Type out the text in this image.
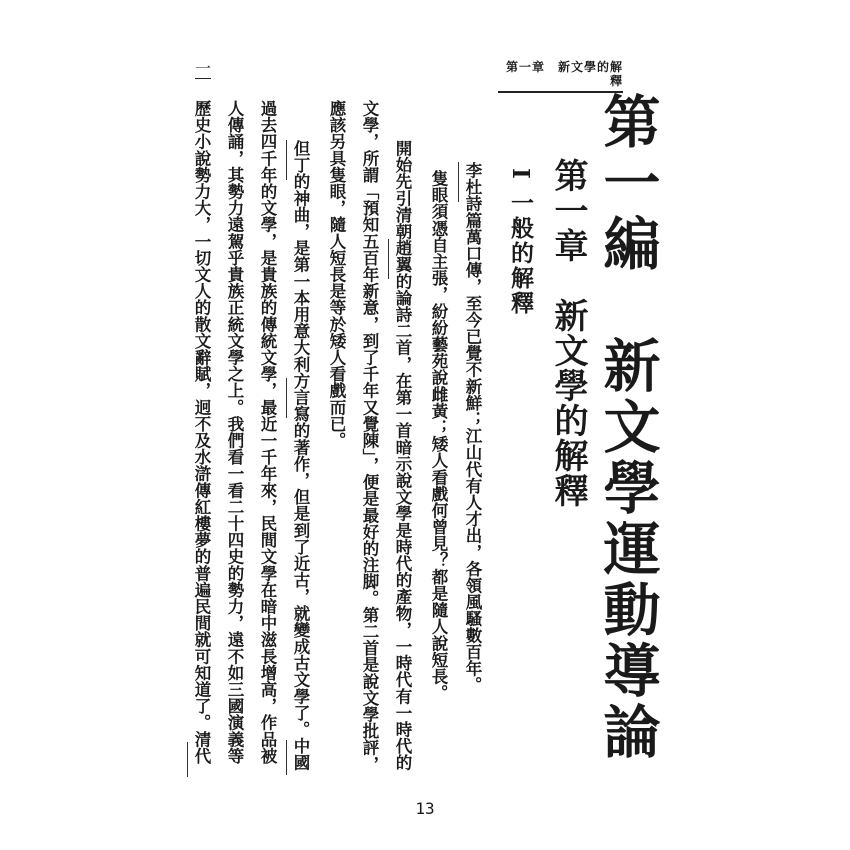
第一章　新文學的解釋
一
第一編　新文學運動導論
第一章　新文學的解釋
I 一般的解釋
李杜詩篇萬口傳，至今已覺不新鮮；江山代有人才出，各領風騷數百年。
隻眼須憑自主張，紛紛藝苑說雌黃；矮人看戲何曾見？都是隨人說短長。
開始先引清朝趙翼的論詩二首，在第一首暗示說文學是時代的產物，一時代有一時代的
文學，所謂「預知五百年新意，到了千年又覺陳」，便是最好的注脚。第二首是說文學批評，
應該另具隻眼，隨人短長是等於矮人看戲而已。
但丁的神曲，是第一本用意大利方言寫的著作，但是到了近古，就變成古文學了。中國
過去四千年的文學，是貴族的傳統文學，最近一千年來，民間文學在暗中滋長增高，作品被
人傳誦，其勢力遠駕乎貴族正統文學之上。我們看一看二十四史的勢力，遠不如三國演義等
歷史小說勢力大，一切文人的散文辭賦，迥不及水滸傳紅樓夢的普遍民間就可知道了。清代
13
